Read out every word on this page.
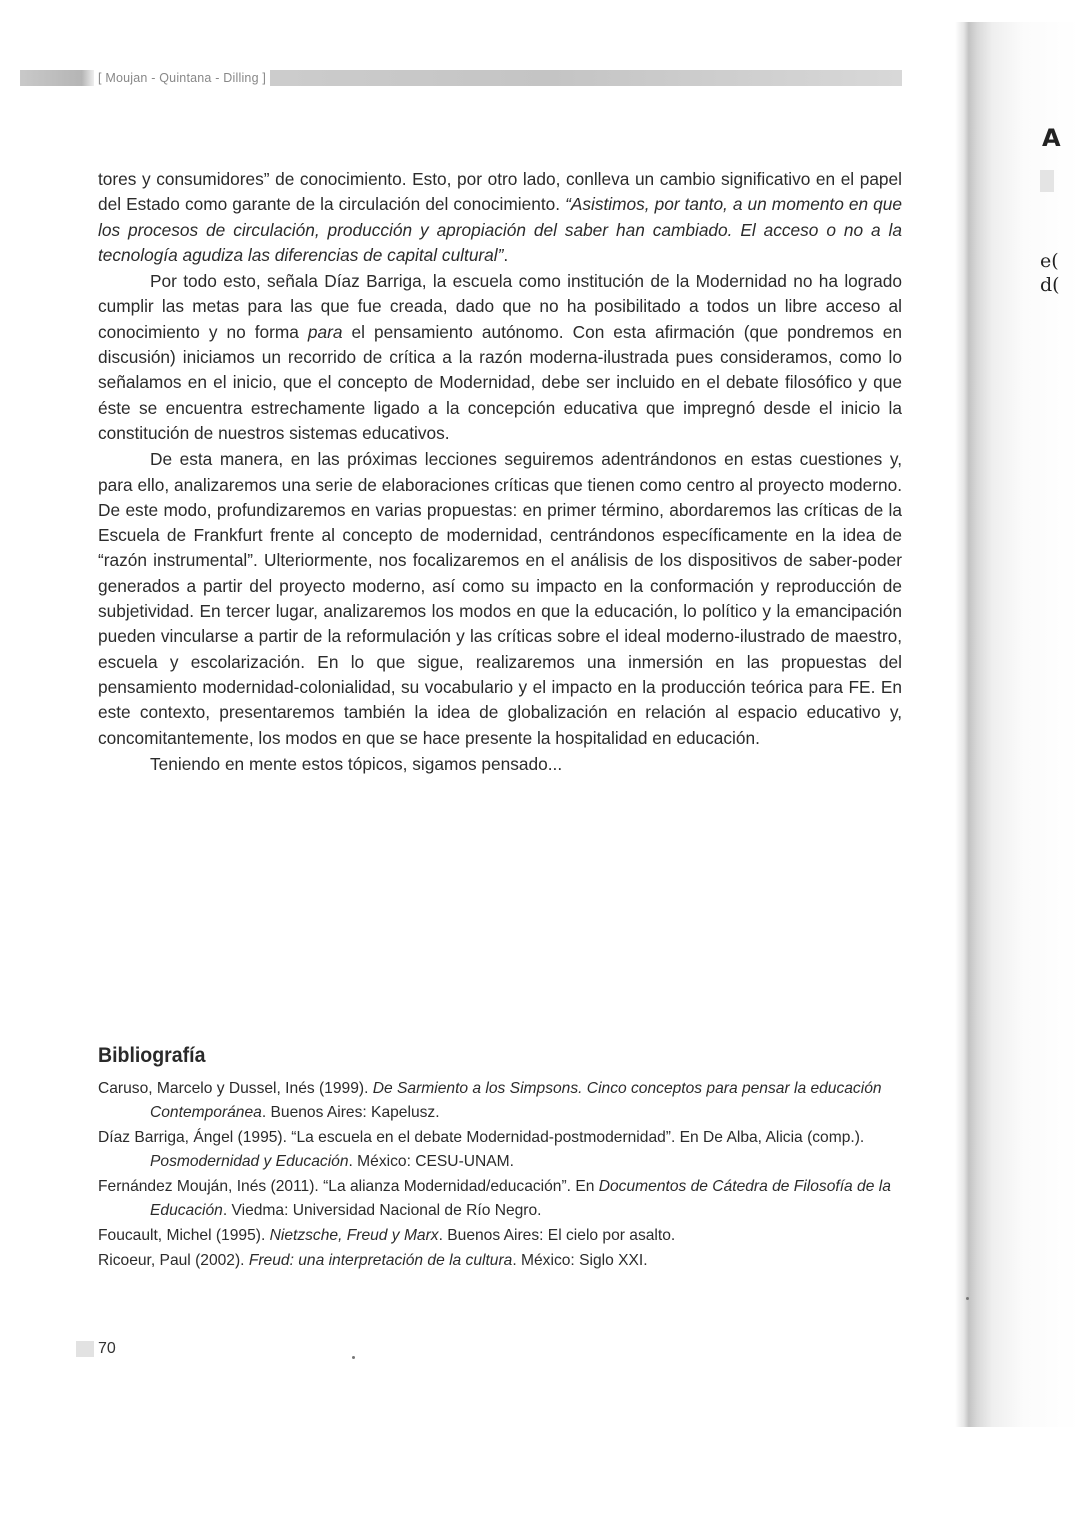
[ Moujan - Quintana - Dilling ]
A
e(
d(

tores y consumidores” de conocimiento. Esto, por otro lado, conlleva un cambio significativo en el papel del Estado como garante de la circulación del conocimiento. “Asistimos, por tanto, a un momento en que los procesos de circulación, producción y apropiación del saber han cambiado. El acceso o no a la tecnología agudiza las diferencias de capital cultural”.

Por todo esto, señala Díaz Barriga, la escuela como institución de la Modernidad no ha logrado cumplir las metas para las que fue creada, dado que no ha posibilitado a todos un libre acceso al conocimiento y no forma para el pensamiento autónomo. Con esta afirmación (que pondremos en discusión) iniciamos un recorrido de crítica a la razón moderna-ilustrada pues consideramos, como lo señalamos en el inicio, que el concepto de Modernidad, debe ser incluido en el debate filosófico y que éste se encuentra estrechamente ligado a la concepción educativa que impregnó desde el inicio la constitución de nuestros sistemas educativos.

De esta manera, en las próximas lecciones seguiremos adentrándonos en estas cuestiones y, para ello, analizaremos una serie de elaboraciones críticas que tienen como centro al proyecto moderno. De este modo, profundizaremos en varias propuestas: en primer término, abordaremos las críticas de la Escuela de Frankfurt frente al concepto de modernidad, centrándonos específicamente en la idea de “razón instrumental”. Ulteriormente, nos focalizaremos en el análisis de los dispositivos de saber-poder generados a partir del proyecto moderno, así como su impacto en la conformación y reproducción de subjetividad. En tercer lugar, analizaremos los modos en que la educación, lo político y la emancipación pueden vincularse a partir de la reformulación y las críticas sobre el ideal moderno-ilustrado de maestro, escuela y escolarización. En lo que sigue, realizaremos una inmersión en las propuestas del pensamiento modernidad-colonialidad, su vocabulario y el impacto en la producción teórica para FE. En este contexto, presentaremos también la idea de globalización en relación al espacio educativo y, concomitantemente, los modos en que se hace presente la hospitalidad en educación.

Teniendo en mente estos tópicos, sigamos pensado...

Bibliografía
Caruso, Marcelo y Dussel, Inés (1999). De Sarmiento a los Simpsons. Cinco conceptos para pensar la educación Contemporánea. Buenos Aires: Kapelusz.
Díaz Barriga, Ángel (1995). “La escuela en el debate Modernidad-postmodernidad”. En De Alba, Alicia (comp.). Posmodernidad y Educación. México: CESU-UNAM.
Fernández Mouján, Inés (2011). “La alianza Modernidad/educación”. En Documentos de Cátedra de Filosofía de la Educación. Viedma: Universidad Nacional de Río Negro.
Foucault, Michel (1995). Nietzsche, Freud y Marx. Buenos Aires: El cielo por asalto.
Ricoeur, Paul (2002). Freud: una interpretación de la cultura. México: Siglo XXI.
70
